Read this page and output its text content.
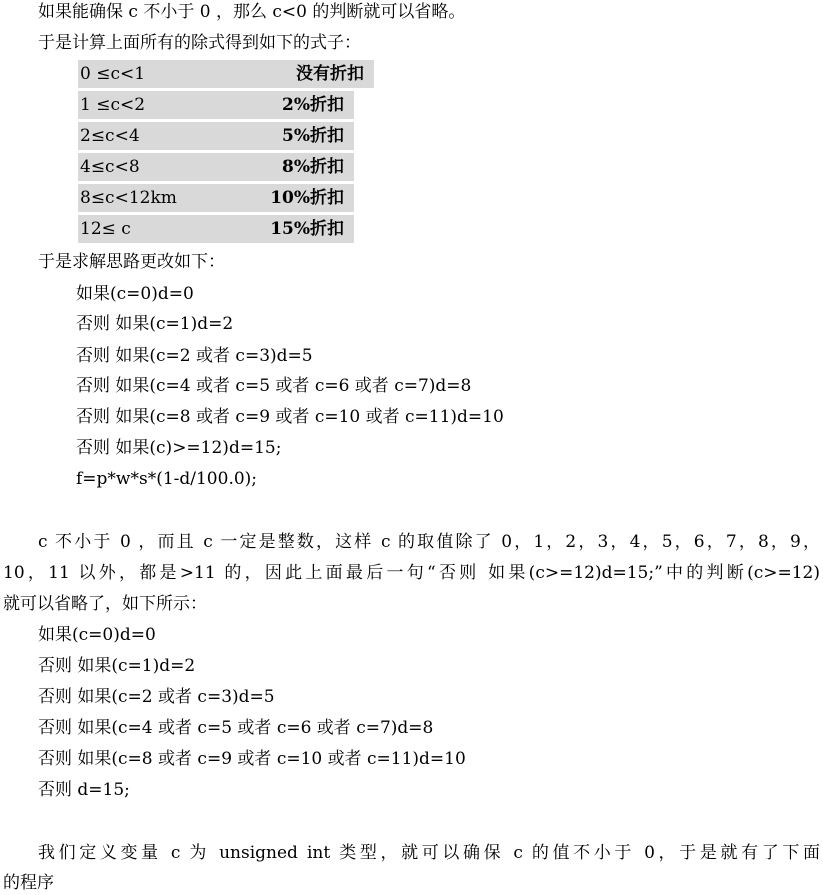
如果能确保 c 不小于 0 ，那么 c<0 的判断就可以省略。
于是计算上面所有的除式得到如下的式子：
0 ≤c<1	没有折扣
1 ≤c<2	2%折扣
2≤c<4	5%折扣
4≤c<8	8%折扣
8≤c<12km	10%折扣
12≤ c	15%折扣
于是求解思路更改如下：
如果(c=0)d=0
否则 如果(c=1)d=2
否则 如果(c=2 或者 c=3)d=5
否则 如果(c=4 或者 c=5 或者 c=6 或者 c=7)d=8
否则 如果(c=8 或者 c=9 或者 c=10 或者 c=11)d=10
否则 如果(c)>=12)d=15;
f=p*w*s*(1-d/100.0);
c 不小于 0 ，而且 c 一定是整数，这样 c 的取值除了 0，1，2，3，4，5，6，7，8，9，
10，11 以外，都是>11 的，因此上面最后一句“否则 如果(c>=12)d=15;”中的判断(c>=12)
就可以省略了，如下所示：
如果(c=0)d=0
否则 如果(c=1)d=2
否则 如果(c=2 或者 c=3)d=5
否则 如果(c=4 或者 c=5 或者 c=6 或者 c=7)d=8
否则 如果(c=8 或者 c=9 或者 c=10 或者 c=11)d=10
否则 d=15;
我们定义变量 c 为 unsigned int 类型，就可以确保 c 的值不小于 0，于是就有了下面
的程序
